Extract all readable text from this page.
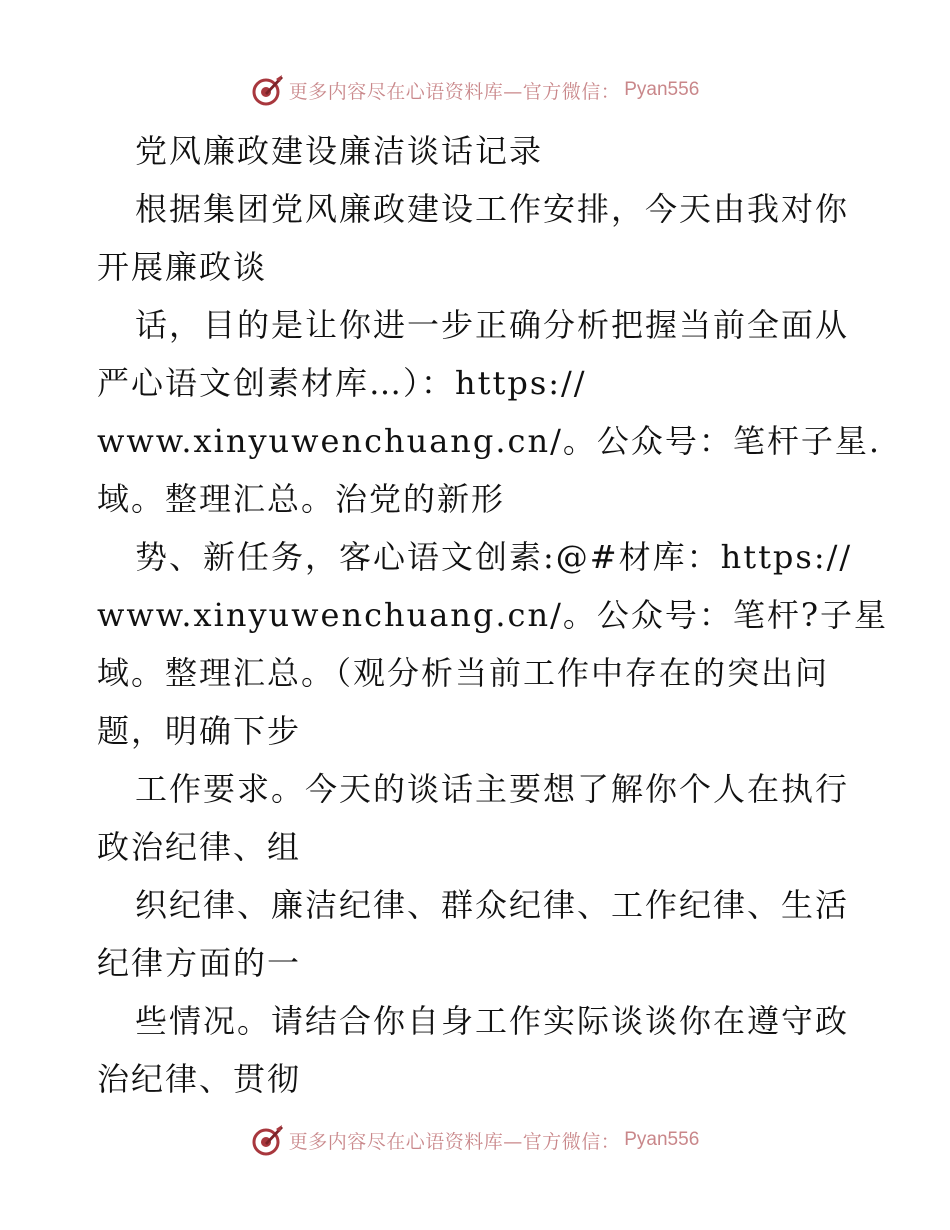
更多内容尽在心语资料库—官方微信： Pyan556

党风廉政建设廉洁谈话记录

根据集团党风廉政建设工作安排，今天由我对你

开展廉政谈

话，目的是让你进一步正确分析把握当前全面从

严心语文创素材库…）：https://

www.xinyuwenchuang.cn/。公众号：笔杆子星.

域。整理汇总。治党的新形

势、新任务，客心语文创素:@#材库：https://

www.xinyuwenchuang.cn/。公众号：笔杆?子星

域。整理汇总。（观分析当前工作中存在的突出问

题，明确下步

工作要求。今天的谈话主要想了解你个人在执行

政治纪律、组

织纪律、廉洁纪律、群众纪律、工作纪律、生活

纪律方面的一

些情况。请结合你自身工作实际谈谈你在遵守政

治纪律、贯彻

更多内容尽在心语资料库—官方微信： Pyan556
